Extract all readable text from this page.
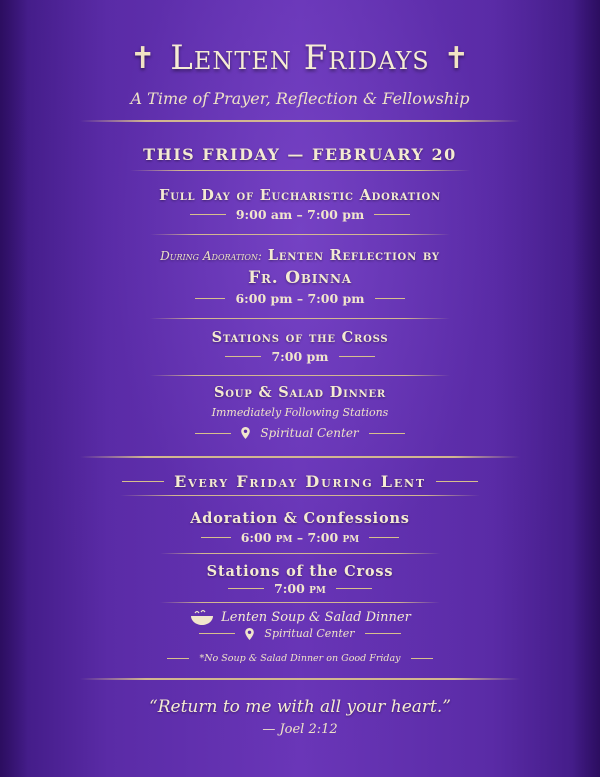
✝ Lenten Fridays ✝
A Time of Prayer, Reflection & Fellowship
THIS FRIDAY — FEBRUARY 20
Full Day of Eucharistic Adoration
9:00 am – 7:00 pm
During Adoration: Lenten Reflection by
Fr. Obinna
6:00 pm – 7:00 pm
Stations of the Cross
7:00 pm
Soup & Salad Dinner
Immediately Following Stations
Spiritual Center
Every Friday During Lent
Adoration & Confessions
6:00 pm – 7:00 pm
Stations of the Cross
7:00 pm
Lenten Soup & Salad Dinner
Spiritual Center
*No Soup & Salad Dinner on Good Friday
“Return to me with all your heart.”
— Joel 2:12
